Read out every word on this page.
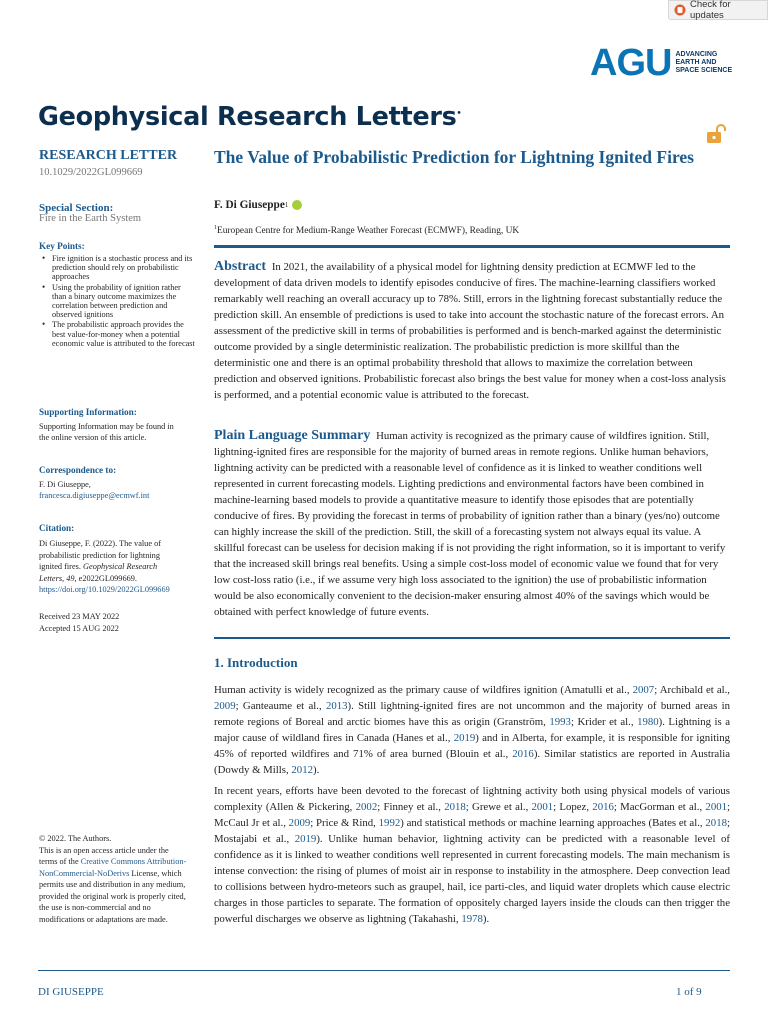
Check for updates
AGU ADVANCING
EARTH AND
SPACE SCIENCE
Geophysical Research Letters•
RESEARCH LETTER
10.1029/2022GL099669
Special Section:
Fire in the Earth System
Key Points:
• Fire ignition is a stochastic process and its prediction should rely on probabilistic approaches
• Using the probability of ignition rather than a binary outcome maximizes the correlation between prediction and observed ignitions
• The probabilistic approach provides the best value-for-money when a potential economic value is attributed to the forecast
Supporting Information:
Supporting Information may be found in the online version of this article.
Correspondence to:
F. Di Giuseppe,
francesca.digiuseppe@ecmwf.int
Citation:
Di Giuseppe, F. (2022). The value of probabilistic prediction for lightning ignited fires. Geophysical Research Letters, 49, e2022GL099669. https://doi.org/10.1029/2022GL099669
Received 23 MAY 2022
Accepted 15 AUG 2022
© 2022. The Authors.
This is an open access article under the terms of the Creative Commons Attribution-NonCommercial-NoDerivs License, which permits use and distribution in any medium, provided the original work is properly cited, the use is non-commercial and no modifications or adaptations are made.
The Value of Probabilistic Prediction for Lightning Ignited Fires
F. Di Giuseppe 1
$^1$European Centre for Medium-Range Weather Forecast (ECMWF), Reading, UK

Abstract In 2021, the availability of a physical model for lightning density prediction at ECMWF led to the development of data driven models to identify episodes conducive of fires. The machine-learning classifiers worked remarkably well reaching an overall accuracy up to 78%. Still, errors in the lightning forecast substantially reduce the prediction skill. An ensemble of predictions is used to take into account the stochastic nature of the forecast errors. An assessment of the predictive skill in terms of probabilities is performed and is bench-marked against the deterministic outcome provided by a single deterministic realization. The probabilistic prediction is more skillful than the deterministic one and there is an optimal probability threshold that allows to maximize the correlation between prediction and observed ignitions. Probabilistic forecast also brings the best value for money when a cost-loss analysis is performed, and a potential economic value is attributed to the forecast.

Plain Language Summary Human activity is recognized as the primary cause of wildfires ignition. Still, lightning-ignited fires are responsible for the majority of burned areas in remote regions. Unlike human behaviors, lightning activity can be predicted with a reasonable level of confidence as it is linked to weather conditions well represented in current forecasting models. Lighting predictions and environmental factors have been combined in machine-learning based models to provide a quantitative measure to identify those episodes that are potentially conducive of fires. By providing the forecast in terms of probability of ignition rather than a binary (yes/no) outcome can highly increase the skill of the prediction. Still, the skill of a forecasting system not always equal its value. A skillful forecast can be useless for decision making if is not providing the right information, so it is important to verify that the increased skill brings real benefits. Using a simple cost-loss model of economic value we found that for very low cost-loss ratio (i.e., if we assume very high loss associated to the ignition) the use of probabilistic information would be also economically convenient to the decision-maker ensuring almost 40% of the savings which would be obtained with perfect knowledge of future events.

1. Introduction

Human activity is widely recognized as the primary cause of wildfires ignition (Amatulli et al., 2007; Archibald et al., 2009; Ganteaume et al., 2013). Still lightning-ignited fires are not uncommon and the majority of burned areas in remote regions of Boreal and arctic biomes have this as origin (Granström, 1993; Krider et al., 1980). Lightning is a major cause of wildland fires in Canada (Hanes et al., 2019) and in Alberta, for example, it is responsible for igniting 45% of reported wildfires and 71% of area burned (Blouin et al., 2016). Similar statistics are reported in Australia (Dowdy & Mills, 2012).

In recent years, efforts have been devoted to the forecast of lightning activity both using physical models of various complexity (Allen & Pickering, 2002; Finney et al., 2018; Grewe et al., 2001; Lopez, 2016; MacGorman et al., 2001; McCaul Jr et al., 2009; Price & Rind, 1992) and statistical methods or machine learning approaches (Bates et al., 2018; Mostajabi et al., 2019). Unlike human behavior, lightning activity can be predicted with a reasonable level of confidence as it is linked to weather conditions well represented in current forecasting models. The main mechanism is intense convection: the rising of plumes of moist air in response to instability in the atmosphere. Deep convection lead to collisions between hydro-meteors such as graupel, hail, ice parti-cles, and liquid water droplets which cause electric charges in those particles to separate. The formation of oppositely charged layers inside the clouds can then trigger the powerful discharges we observe as lightning (Takahashi, 1978).

DI GIUSEPPE	1 of 9
